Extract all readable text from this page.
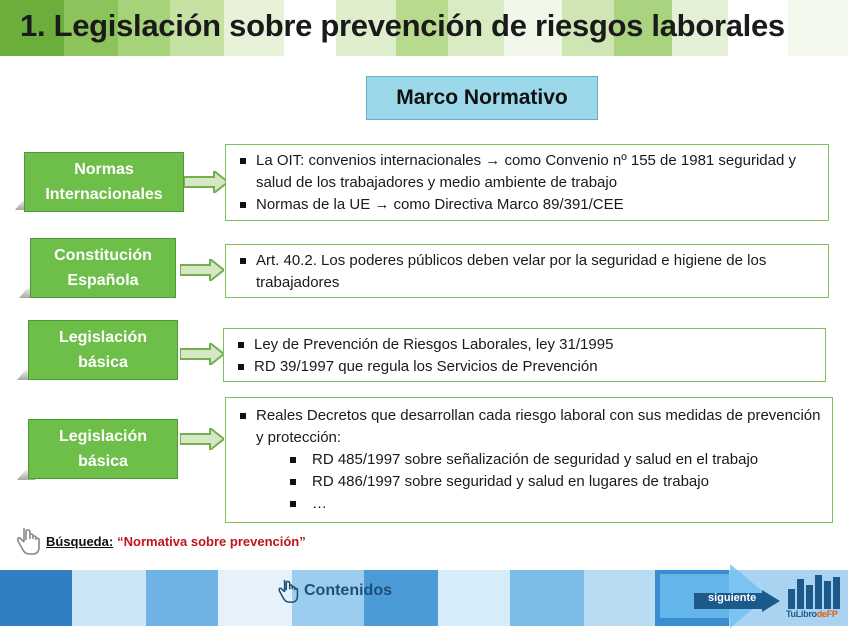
1. Legislación sobre prevención de riesgos laborales
Marco Normativo
Normas
Internacionales
La OIT: convenios internacionales → como Convenio nº 155 de 1981 seguridad y salud de los trabajadores y medio ambiente de trabajo
Normas de la UE → como Directiva Marco 89/391/CEE
Constitución
Española
Art. 40.2. Los poderes públicos deben velar por la seguridad e higiene de los trabajadores
Legislación
básica
Ley de Prevención de Riesgos Laborales, ley 31/1995
RD 39/1997 que regula los Servicios de Prevención
Legislación
básica
Reales Decretos que desarrollan cada riesgo laboral con sus medidas de prevención y protección:
RD 485/1997 sobre señalización de seguridad y salud en el trabajo
RD 486/1997 sobre seguridad y salud en lugares de trabajo
…
Búsqueda: “Normativa sobre prevención”
Contenidos	siguiente
TuLibrodeFP
